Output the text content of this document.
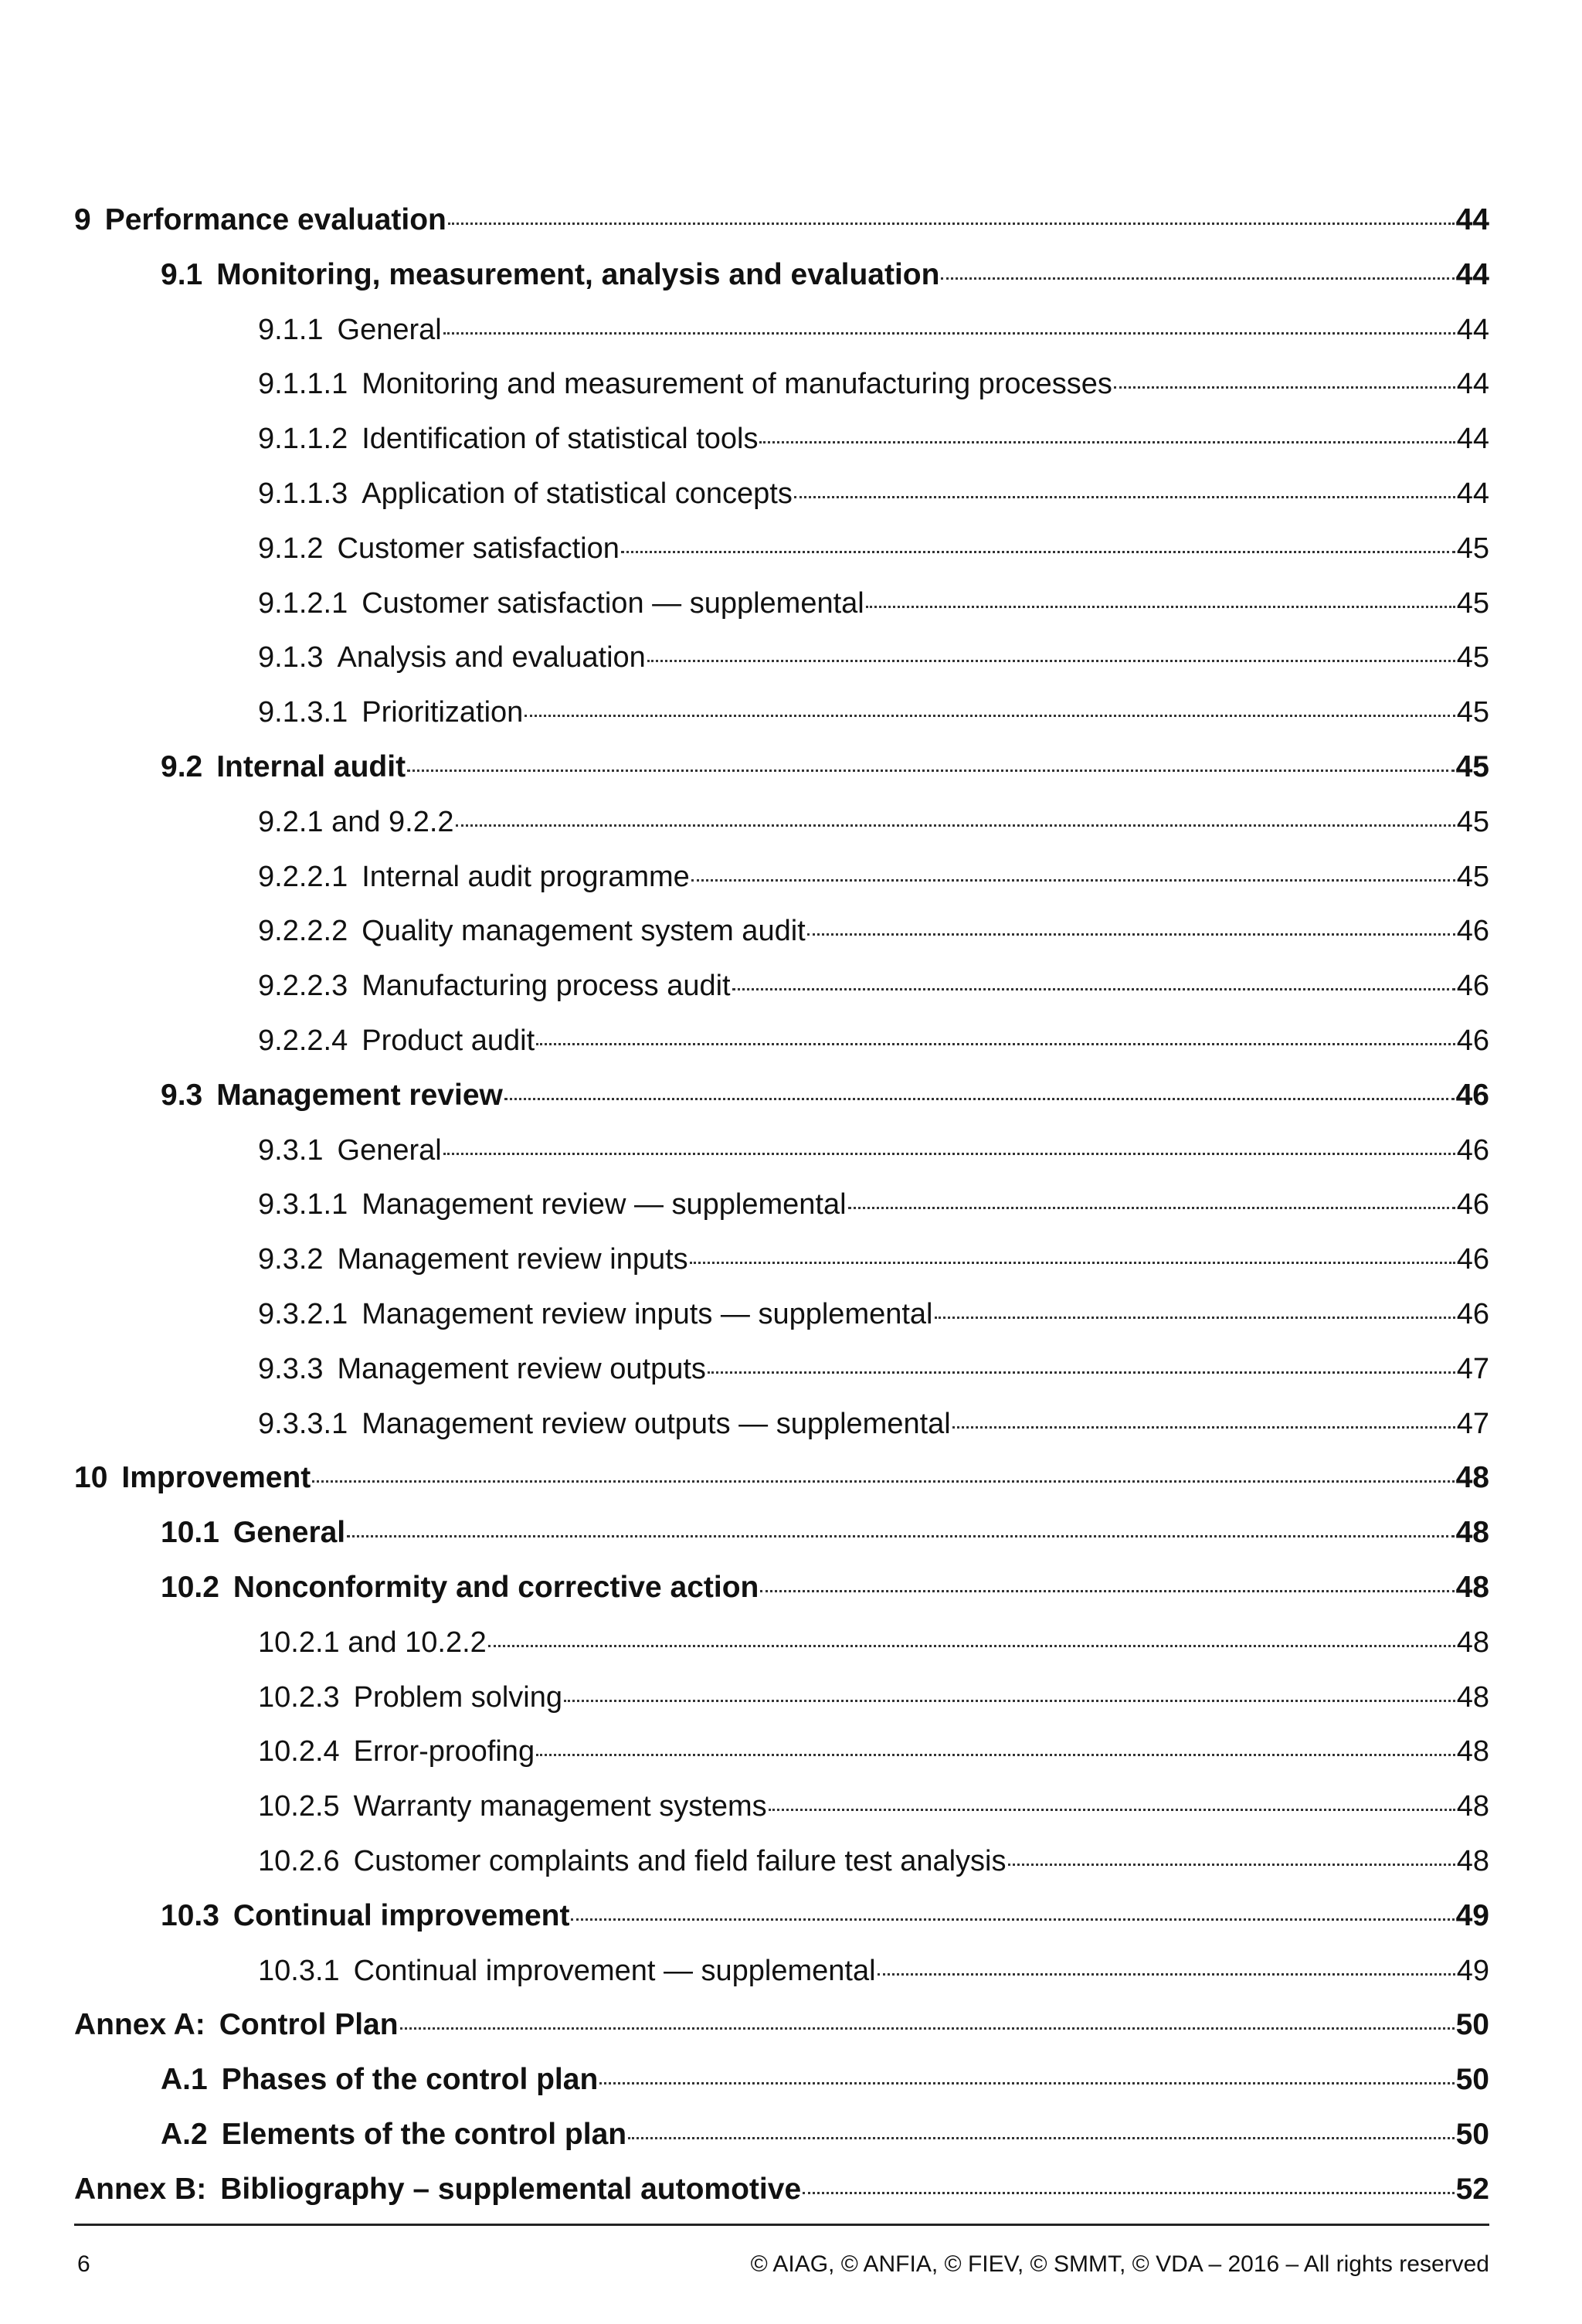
9 Performance evaluation	44
9.1 Monitoring, measurement, analysis and evaluation	44
9.1.1 General	44
9.1.1.1 Monitoring and measurement of manufacturing processes	44
9.1.1.2 Identification of statistical tools	44
9.1.1.3 Application of statistical concepts	44
9.1.2 Customer satisfaction	45
9.1.2.1 Customer satisfaction — supplemental	45
9.1.3 Analysis and evaluation	45
9.1.3.1 Prioritization	45
9.2 Internal audit	45
9.2.1 and 9.2.2	45
9.2.2.1 Internal audit programme	45
9.2.2.2 Quality management system audit	46
9.2.2.3 Manufacturing process audit	46
9.2.2.4 Product audit	46
9.3 Management review	46
9.3.1 General	46
9.3.1.1 Management review — supplemental	46
9.3.2 Management review inputs	46
9.3.2.1 Management review inputs — supplemental	46
9.3.3 Management review outputs	47
9.3.3.1 Management review outputs — supplemental	47
10 Improvement	48
10.1 General	48
10.2 Nonconformity and corrective action	48
10.2.1 and 10.2.2	48
10.2.3 Problem solving	48
10.2.4 Error-proofing	48
10.2.5 Warranty management systems	48
10.2.6 Customer complaints and field failure test analysis	48
10.3 Continual improvement	49
10.3.1 Continual improvement — supplemental	49
Annex A: Control Plan	50
A.1 Phases of the control plan	50
A.2 Elements of the control plan	50
Annex B: Bibliography – supplemental automotive	52
6	© AIAG, © ANFIA, © FIEV, © SMMT, © VDA – 2016 – All rights reserved
